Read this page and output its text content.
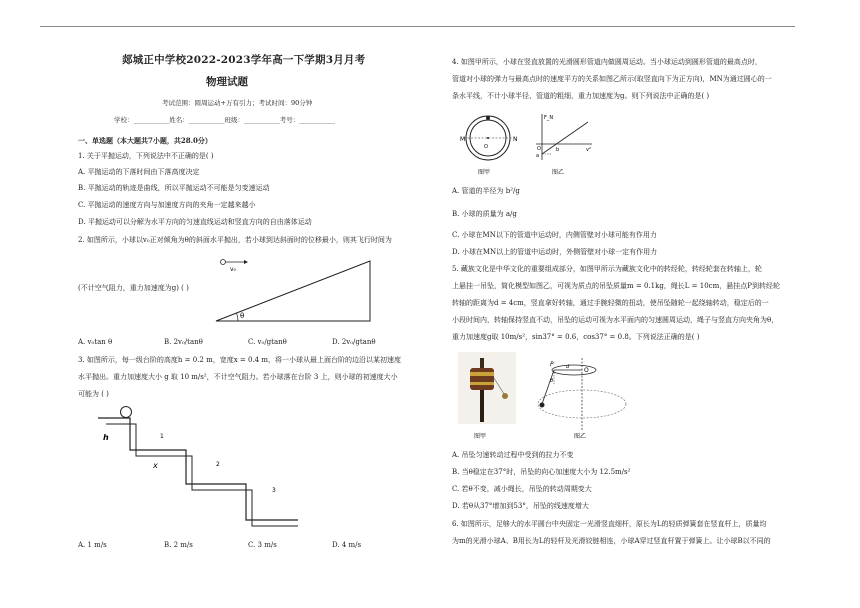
郯城正中学校2022-2023学年高一下学期3月月考
物理试题
考试范围：圆周运动+万有引力；考试时间：90分钟
学校：___________姓名：___________班级：___________考号：___________
一、单选题（本大题共7小题，共28.0分）
1. 关于平抛运动，下列说法中不正确的是( )
A. 平抛运动的下落时间由下落高度决定
B. 平抛运动的轨迹是曲线，所以平抛运动不可能是匀变速运动
C. 平抛运动的速度方向与加速度方向的夹角一定越来越小
D. 平抛运动可以分解为水平方向的匀速直线运动和竖直方向的自由落体运动
2. 如图所示，小球以v₀正对倾角为θ的斜面水平抛出，若小球到达斜面时的位移最小，则其飞行时间为
(不计空气阻力，重力加速度为g) ( )
θ
v₀
A. v₀tan θ	B. 2v₀/tanθ	C. v₀/gtanθ	D. 2v₀/gtanθ
3. 如图所示，每一级台阶的高度h = 0.2 m，宽度x = 0.4 m，将一小球从最上面台阶的边沿以某初速度
水平抛出。重力加速度大小 g 取 10 m/s²，不计空气阻力。若小球落在台阶 3 上，则小球的初速度大小
可能为 ( )
h
x
1
2
3
A. 1 m/s	B. 2 m/s	C. 3 m/s	D. 4 m/s
4. 如图甲所示，小球在竖直放置的光滑圆形管道内做圆周运动。当小球运动到圆形管道的最高点时，
管道对小球的弹力与最高点时的速度平方的关系如图乙所示(取竖直向下为正方向)，MN为通过圆心的一
条水平线，不计小球半径、管道的粗细，重力加速度为g。则下列说法中正确的是( )
M	N
O
图甲
F_N
a
b	v²
O
图乙
A. 管道的半径为 b²/g
B. 小球的质量为 a/g
C. 小球在MN以下的管道中运动时，内侧管壁对小球可能有作用力
D. 小球在MN以上的管道中运动时，外侧管壁对小球一定有作用力
5. 藏族文化是中华文化的重要组成部分，如图甲所示为藏族文化中的转经轮，转经轮套在转轴上，轮
上悬挂一吊坠，简化模型如图乙，可视为质点的吊坠质量m = 0.1kg，绳长L = 10cm，悬挂点P到转经轮
转轴的距离为d = 4cm，竖直拿好转轴，通过手腕轻微的扭动，使吊坠随轮一起绕轴转动，稳定后的一
小段时间内，转轴保持竖直不动，吊坠的运动可视为水平面内的匀速圆周运动，绳子与竖直方向夹角为θ，
重力加速度g取 10m/s²，sin37° = 0.6，cos37° = 0.8。下列说法正确的是( )
图甲
P
O
d
θ
图乙
A. 吊坠匀速转动过程中受到的拉力不变
B. 当θ稳定在37°时，吊坠的向心加速度大小为 12.5m/s²
C. 若θ不变，减小绳长，吊坠的转动周期变大
D. 若θ从37°增加到53°，吊坠的线速度增大
6. 如图所示，足够大的水平圆台中央固定一光滑竖直细杆，原长为L的轻质弹簧套在竖直杆上，质量均
为m的光滑小球A、B用长为L的轻杆及光滑铰链相连，小球A穿过竖直杆置于弹簧上。让小球B以不同的
